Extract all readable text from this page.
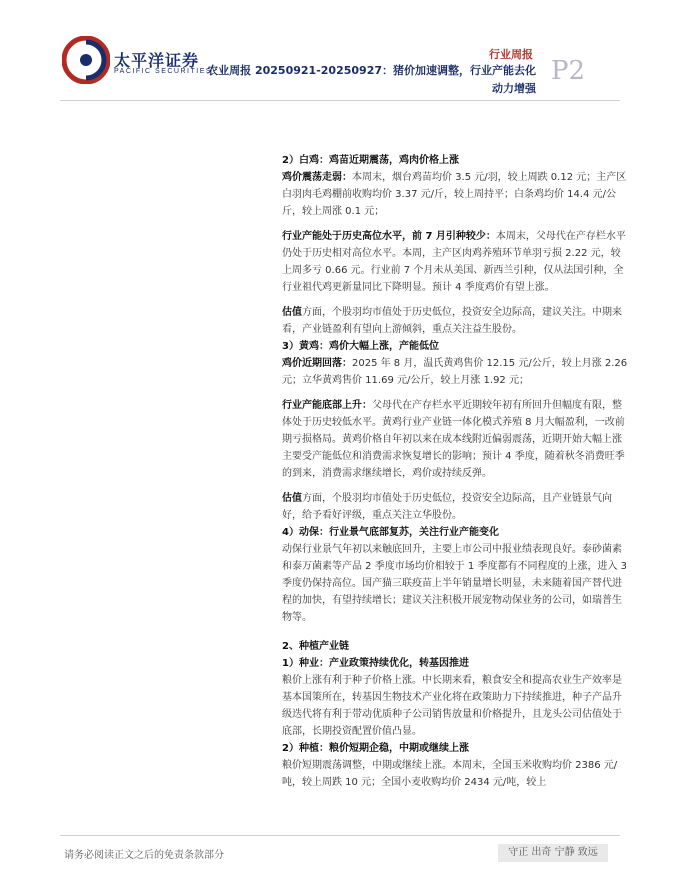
太平洋证券
PACIFIC SECURITIES
行业周报
农业周报 20250921-20250927：猪价加速调整，行业产能去化动力增强
P2

2）白鸡：鸡苗近期震荡，鸡肉价格上涨

鸡价震荡走弱：本周末，烟台鸡苗均价 3.5 元/羽，较上周跌 0.12 元；主产区白羽肉毛鸡棚前收购均价 3.37 元/斤，较上周持平；白条鸡均价 14.4 元/公斤，较上周涨 0.1 元；

行业产能处于历史高位水平，前 7 月引种较少：本周末，父母代在产存栏水平仍处于历史相对高位水平。本周，主产区肉鸡养殖环节单羽亏损 2.22 元，较上周多亏 0.66 元。行业前 7 个月未从美国、新西兰引种，仅从法国引种，全行业祖代鸡更新量同比下降明显。预计 4 季度鸡价有望上涨。

估值方面，个股羽均市值处于历史低位，投资安全边际高，建议关注。中期来看，产业链盈利有望向上游倾斜，重点关注益生股份。

3）黄鸡：鸡价大幅上涨，产能低位

鸡价近期回落：2025 年 8 月，温氏黄鸡售价 12.15 元/公斤，较上月涨 2.26 元；立华黄鸡售价 11.69 元/公斤，较上月涨 1.92 元；

行业产能底部上升：父母代在产存栏水平近期较年初有所回升但幅度有限，整体处于历史较低水平。黄鸡行业产业链一体化模式养殖 8 月大幅盈利，一改前期亏损格局。黄鸡价格自年初以来在成本线附近偏弱震荡，近期开始大幅上涨主要受产能低位和消费需求恢复增长的影响；预计 4 季度，随着秋冬消费旺季的到来，消费需求继续增长，鸡价或持续反弹。

估值方面，个股羽均市值处于历史低位，投资安全边际高，且产业链景气向好，给予看好评级，重点关注立华股份。

4）动保：行业景气底部复苏，关注行业产能变化

动保行业景气年初以来触底回升，主要上市公司中报业绩表现良好。泰砂菌素和泰万菌素等产品 2 季度市场均价相较于 1 季度都有不同程度的上涨，进入 3 季度仍保持高位。国产猫三联疫苗上半年销量增长明显，未来随着国产替代进程的加快，有望持续增长；建议关注积极开展宠物动保业务的公司，如瑞普生物等。

2、种植产业链

1）种业：产业政策持续优化，转基因推进

粮价上涨有利于种子价格上涨。中长期来看，粮食安全和提高农业生产效率是基本国策所在，转基因生物技术产业化将在政策助力下持续推进，种子产品升级迭代将有利于带动优质种子公司销售放量和价格提升，且龙头公司估值处于底部，长期投资配置价值凸显。

2）种植：粮价短期企稳，中期或继续上涨

粮价短期震荡调整，中期或继续上涨。本周末，全国玉米收购均价 2386 元/吨，较上周跌 10 元；全国小麦收购均价 2434 元/吨，较上

请务必阅读正文之后的免责条款部分	守正 出奇 宁静 致远
